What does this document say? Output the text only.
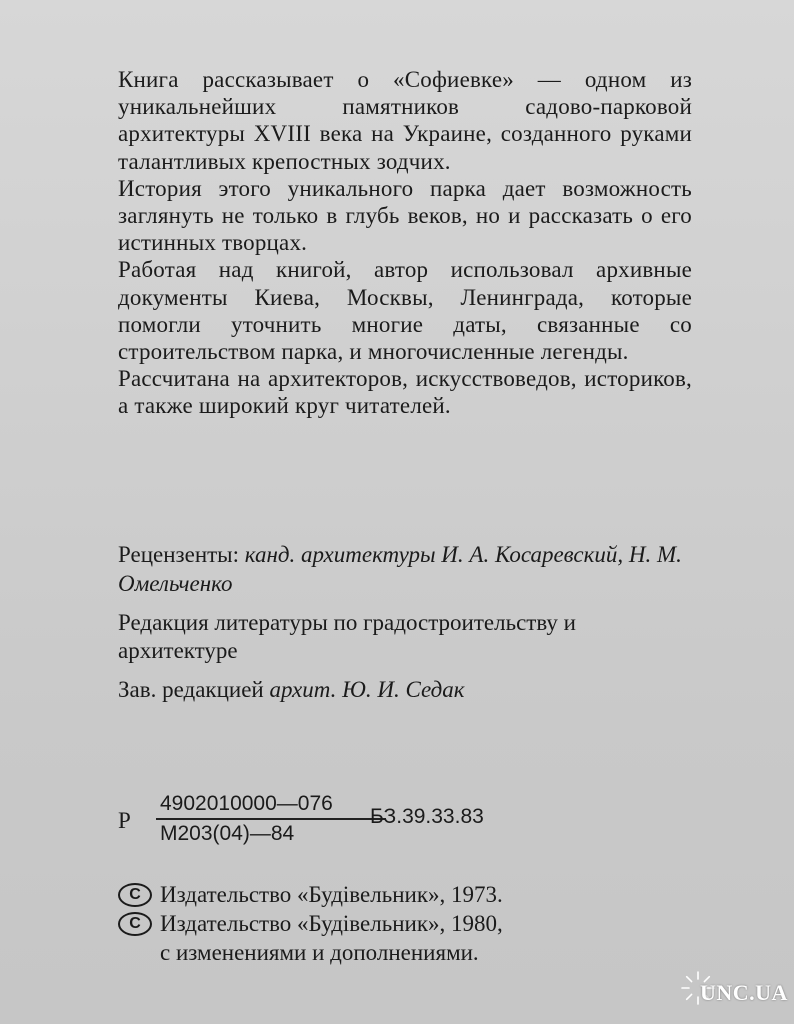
Книга рассказывает о «Софиевке» — одном из уникальнейших памятников садово-парковой архитектуры XVIII века на Украине, созданного руками талантливых крепостных зодчих.
История этого уникального парка дает возможность заглянуть не только в глубь веков, но и рассказать о его истинных творцах.
Работая над книгой, автор использовал архивные документы Киева, Москвы, Ленинграда, которые помогли уточнить многие даты, связанные со строительством парка, и многочисленные легенды.
Рассчитана на архитекторов, искусствоведов, историков, а также широкий круг читателей.
Рецензенты: канд. архитектуры И. А. Косаревский, Н. М. Омельченко
Редакция литературы по градостроительству и архитектуре
Зав. редакцией архит. Ю. И. Седак
Р
4902010000—076
М203(04)—84
БЗ.39.33.83
C Издательство «Будівельник», 1973.
C Издательство «Будівельник», 1980,
с изменениями и дополнениями.
UNC.UA
